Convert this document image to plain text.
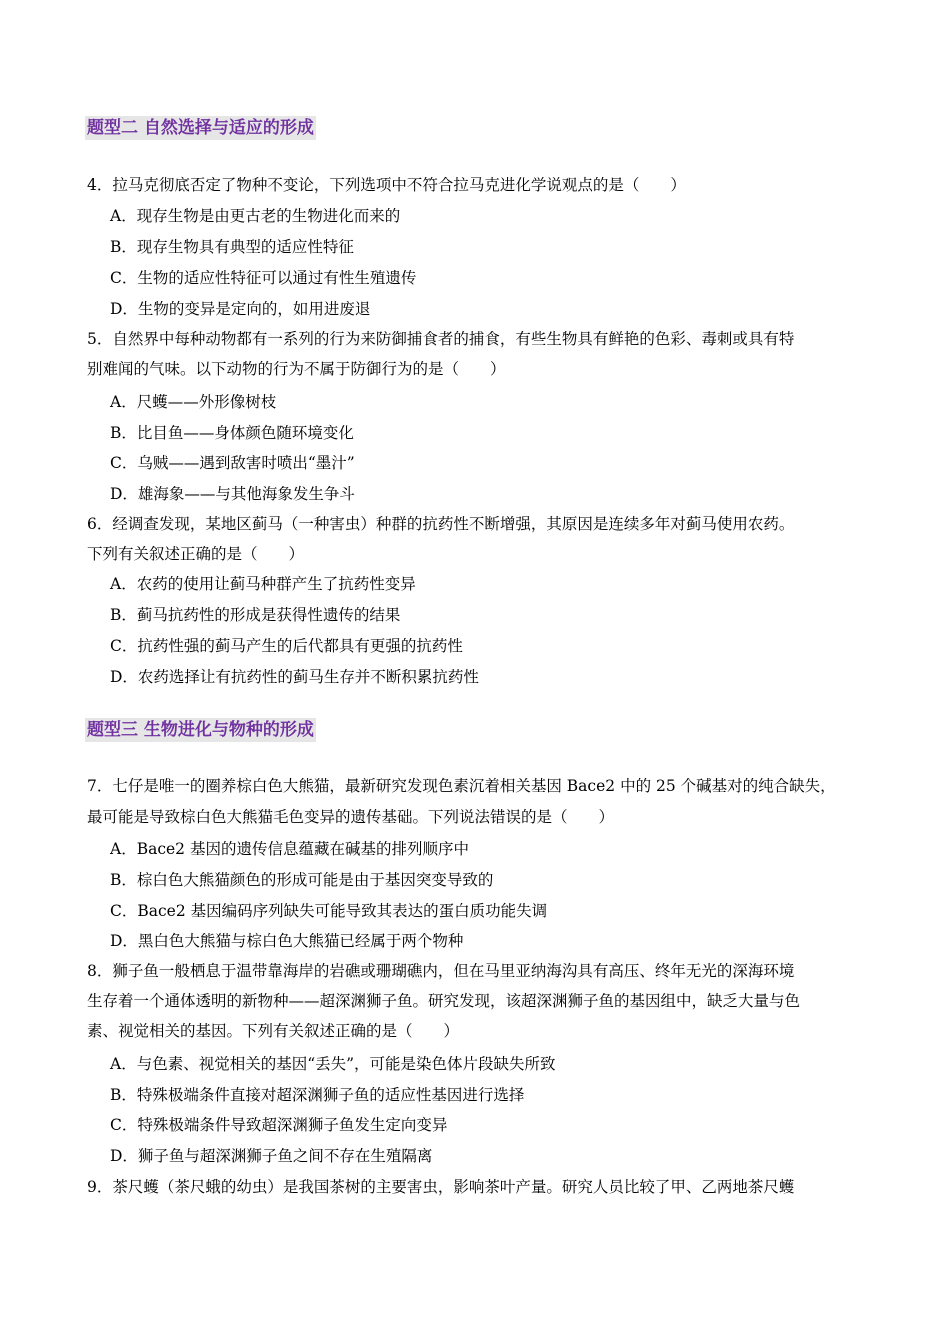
题型二 自然选择与适应的形成
4．拉马克彻底否定了物种不变论，下列选项中不符合拉马克进化学说观点的是（　　）
A．现存生物是由更古老的生物进化而来的
B．现存生物具有典型的适应性特征
C．生物的适应性特征可以通过有性生殖遗传
D．生物的变异是定向的，如用进废退
5．自然界中每种动物都有一系列的行为来防御捕食者的捕食，有些生物具有鲜艳的色彩、毒刺或具有特
别难闻的气味。以下动物的行为不属于防御行为的是（　　）
A．尺蠖——外形像树枝
B．比目鱼——身体颜色随环境变化
C．乌贼——遇到敌害时喷出“墨汁”
D．雄海象——与其他海象发生争斗
6．经调查发现，某地区蓟马（一种害虫）种群的抗药性不断增强，其原因是连续多年对蓟马使用农药。
下列有关叙述正确的是（　　）
A．农药的使用让蓟马种群产生了抗药性变异
B．蓟马抗药性的形成是获得性遗传的结果
C．抗药性强的蓟马产生的后代都具有更强的抗药性
D．农药选择让有抗药性的蓟马生存并不断积累抗药性
题型三 生物进化与物种的形成
7．七仔是唯一的圈养棕白色大熊猫，最新研究发现色素沉着相关基因 Bace2 中的 25 个碱基对的纯合缺失，
最可能是导致棕白色大熊猫毛色变异的遗传基础。下列说法错误的是（　　）
A．Bace2 基因的遗传信息蕴藏在碱基的排列顺序中
B．棕白色大熊猫颜色的形成可能是由于基因突变导致的
C．Bace2 基因编码序列缺失可能导致其表达的蛋白质功能失调
D．黑白色大熊猫与棕白色大熊猫已经属于两个物种
8．狮子鱼一般栖息于温带靠海岸的岩礁或珊瑚礁内，但在马里亚纳海沟具有高压、终年无光的深海环境
生存着一个通体透明的新物种——超深渊狮子鱼。研究发现，该超深渊狮子鱼的基因组中，缺乏大量与色
素、视觉相关的基因。下列有关叙述正确的是（　　）
A．与色素、视觉相关的基因“丢失”，可能是染色体片段缺失所致
B．特殊极端条件直接对超深渊狮子鱼的适应性基因进行选择
C．特殊极端条件导致超深渊狮子鱼发生定向变异
D．狮子鱼与超深渊狮子鱼之间不存在生殖隔离
9．茶尺蠖（茶尺蛾的幼虫）是我国茶树的主要害虫，影响茶叶产量。研究人员比较了甲、乙两地茶尺蠖
